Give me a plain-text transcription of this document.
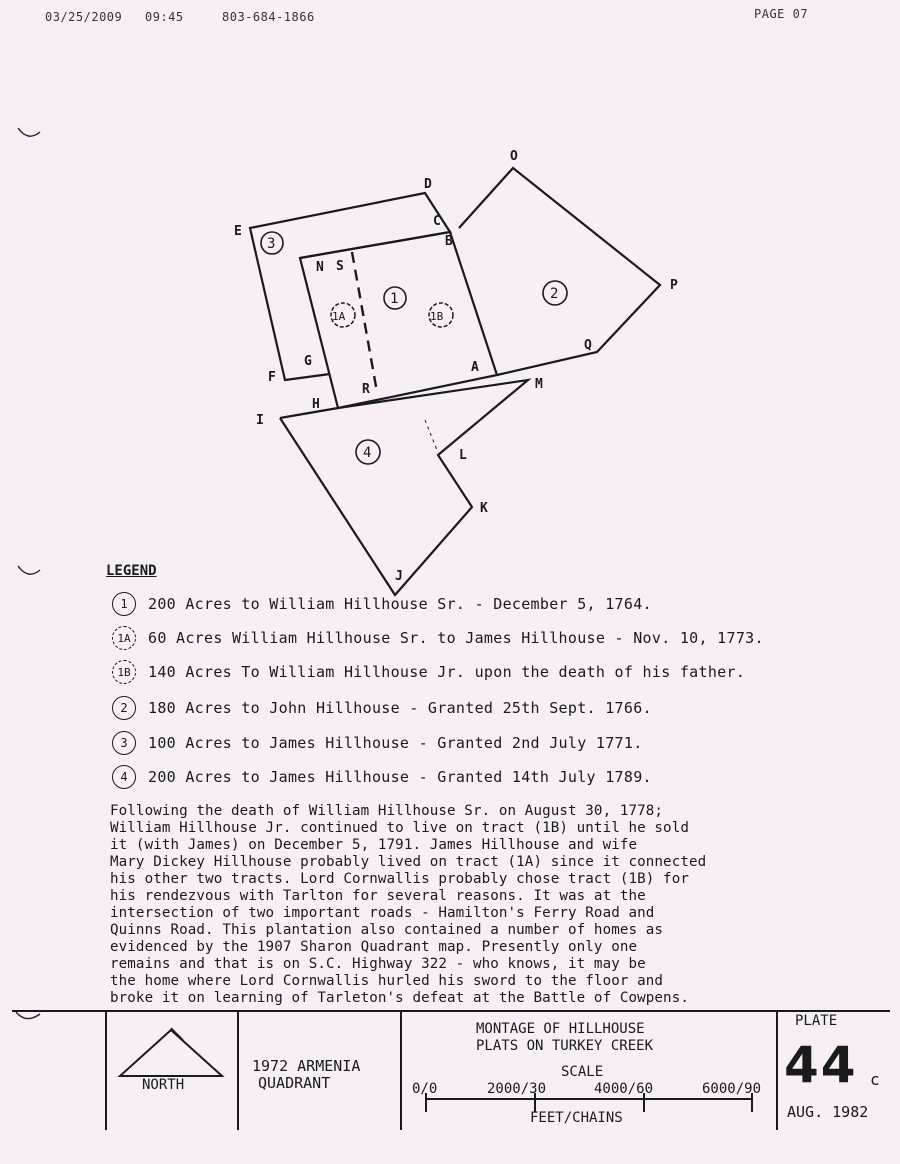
03/25/2009 09:45	803-684-1866	PAGE 07
O
D
E
C
B
P
N S
F
G
H
R
A
Q
M
I
L
K
J
3
1
1A	1B
2
4
LEGEND
1	200 Acres to William Hillhouse Sr. - December 5, 1764.
1A	60 Acres William Hillhouse Sr. to James Hillhouse - Nov. 10, 1773.
1B	140 Acres To William Hillhouse Jr. upon the death of his father.
2	180 Acres to John Hillhouse - Granted 25th Sept. 1766.
3	100 Acres to James Hillhouse - Granted 2nd July 1771.
4	200 Acres to James Hillhouse - Granted 14th July 1789.
Following the death of William Hillhouse Sr. on August 30, 1778;
William Hillhouse Jr. continued to live on tract (1B) until he sold
it (with James) on December 5, 1791. James Hillhouse and wife
Mary Dickey Hillhouse probably lived on tract (1A) since it connected
his other two tracts. Lord Cornwallis probably chose tract (1B) for
his rendezvous with Tarlton for several reasons. It was at the
intersection of two important roads - Hamilton's Ferry Road and
Quinns Road. This plantation also contained a number of homes as
evidenced by the 1907 Sharon Quadrant map. Presently only one
remains and that is on S.C. Highway 322 - who knows, it may be
the home where Lord Cornwallis hurled his sword to the floor and
broke it on learning of Tarleton's defeat at the Battle of Cowpens.
NORTH
1972 ARMENIA
QUADRANT
MONTAGE OF HILLHOUSE
PLATS ON TURKEY CREEK
SCALE
0/0	2000/30	4000/60	6000/90
FEET/CHAINS
PLATE
44 c
AUG. 1982
